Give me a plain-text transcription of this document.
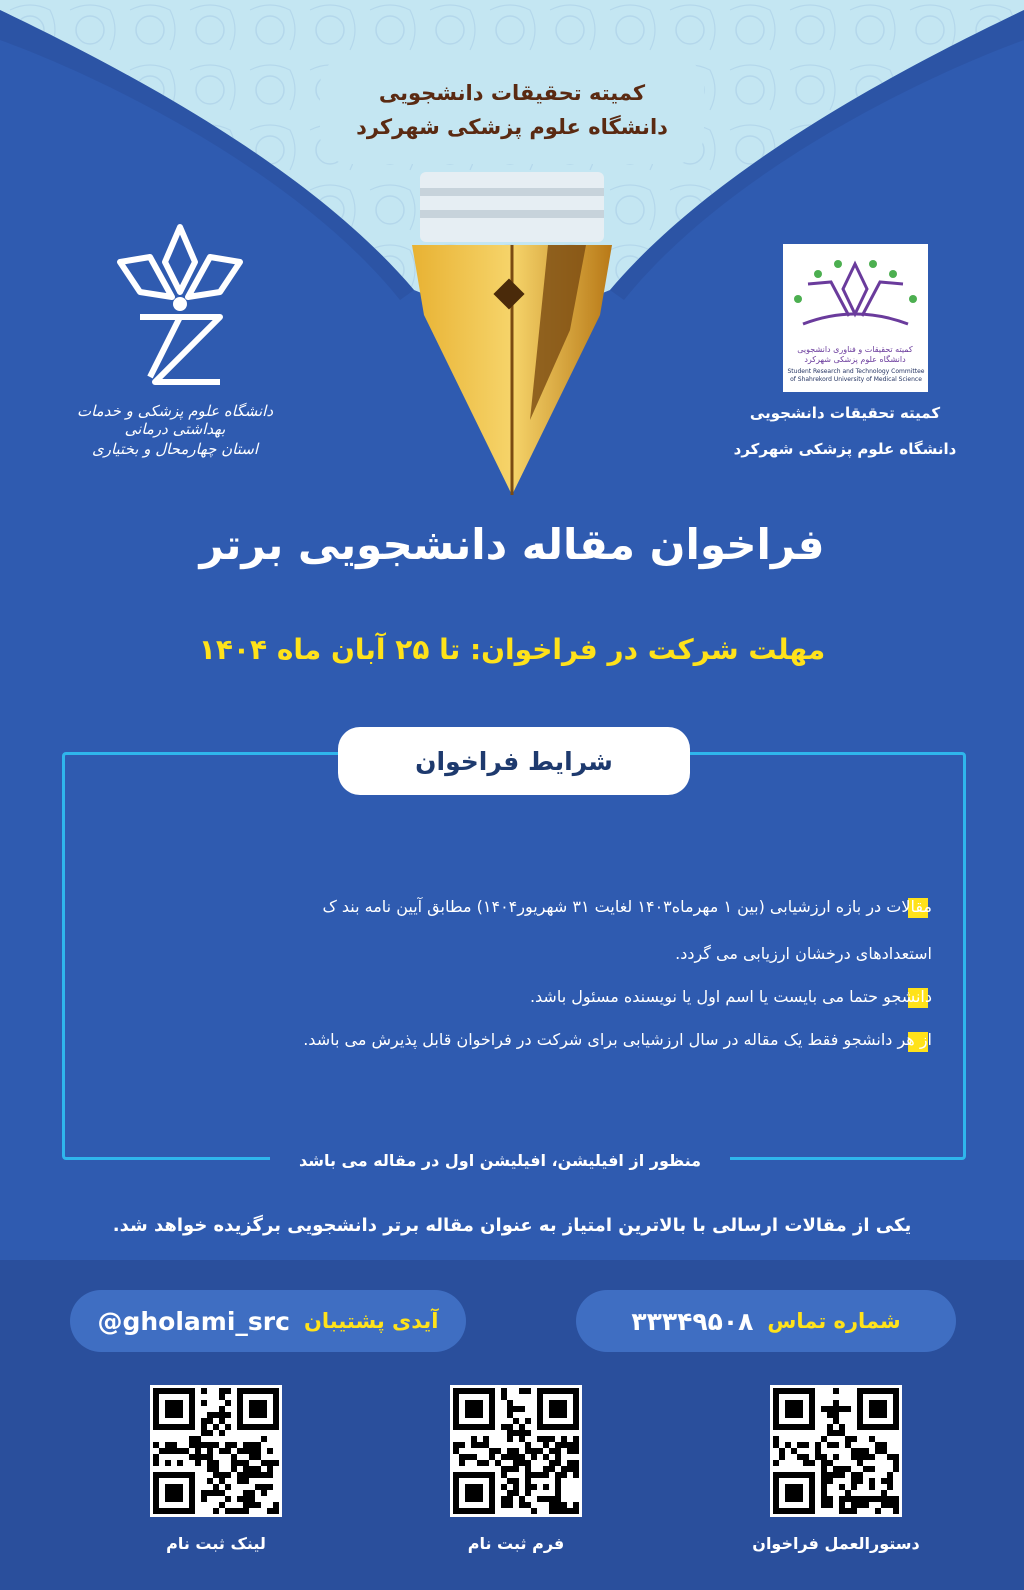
کمیته تحقیقات دانشجویی
دانشگاه علوم پزشکی شهرکرد
دانشگاه علوم پزشکی و خدمات بهداشتی درمانی
استان چهارمحال و بختیاری
کمیته تحقیقات و فناوری دانشجویی
دانشگاه علوم پزشکی شهرکرد
Student Research and Technology Committee
of Shahrekord University of Medical Science
کمیته تحقیقات دانشجویی
دانشگاه علوم پزشکی شهرکرد
فراخوان مقاله دانشجویی برتر
مهلت شرکت در فراخوان: تا ۲۵ آبان ماه ۱۴۰۴
شرایط فراخوان
مقالات در بازه ارزشیابی (بین ۱ مهرماه۱۴۰۳ لغایت ۳۱ شهریور۱۴۰۴) مطابق آیین نامه بند ک
استعدادهای درخشان ارزیابی می گردد.
دانشجو حتما می بایست یا اسم اول یا نویسنده مسئول باشد.
از هر دانشجو فقط یک مقاله در سال ارزشیابی برای شرکت در فراخوان قابل پذیرش می باشد.
منظور از افیلیشن، افیلیشن اول در مقاله می باشد
یکی از مقالات ارسالی با بالاترین امتیاز به عنوان مقاله برتر دانشجویی برگزیده خواهد شد.
شماره تماس
۳۳۳۴۹۵۰۸
آیدی پشتیبان
@gholami_src
دستورالعمل فراخوان
فرم ثبت نام
لینک ثبت نام
